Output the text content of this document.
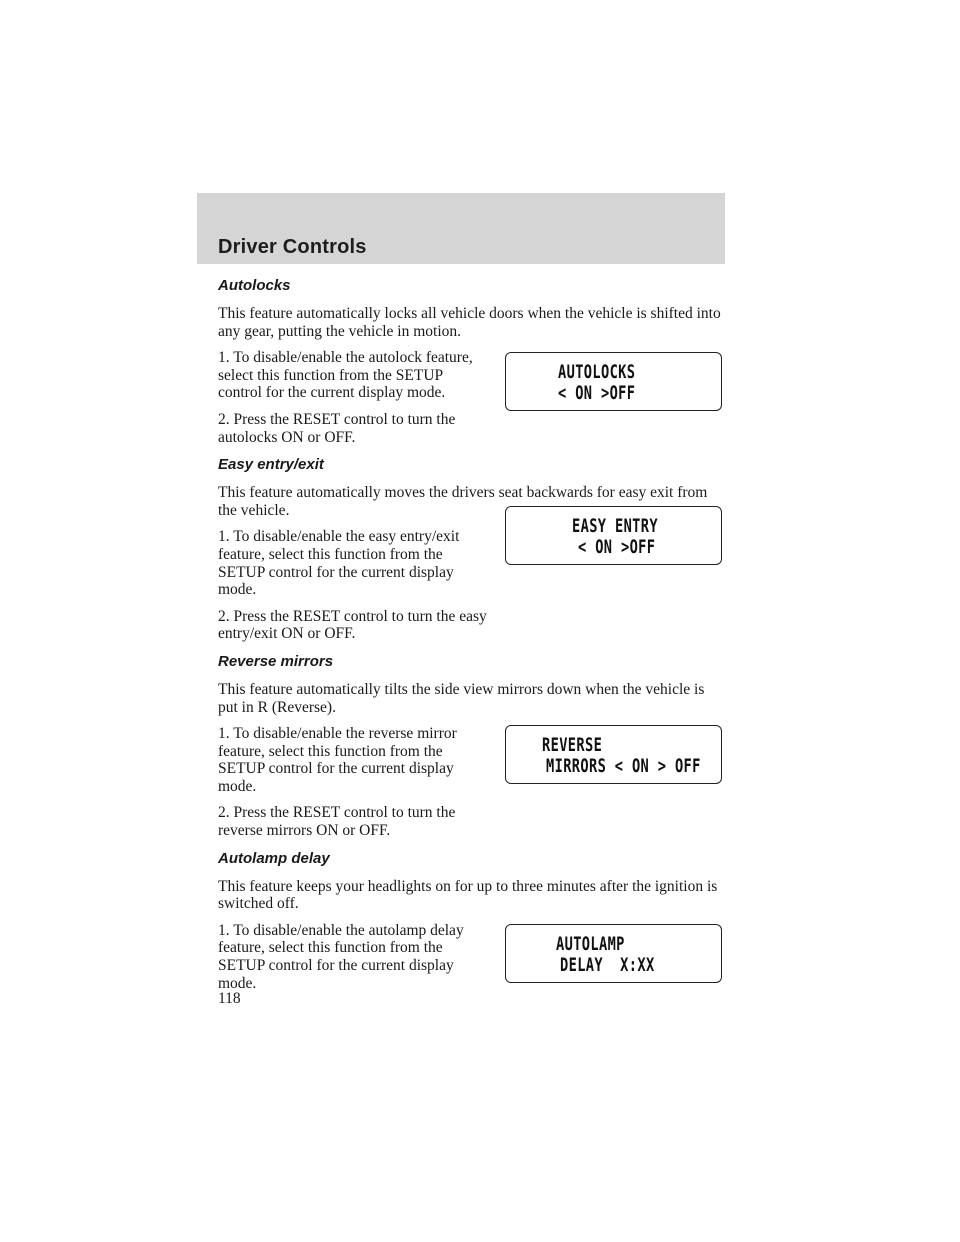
Driver Controls
Autolocks
This feature automatically locks all vehicle doors when the vehicle is shifted into any gear, putting the vehicle in motion.
1. To disable/enable the autolock feature, select this function from the SETUP control for the current display mode.
2. Press the RESET control to turn the autolocks ON or OFF.
AUTOLOCKS
< ON >OFF
Easy entry/exit
This feature automatically moves the drivers seat backwards for easy exit from the vehicle.
1. To disable/enable the easy entry/exit feature, select this function from the SETUP control for the current display mode.
2. Press the RESET control to turn the easy entry/exit ON or OFF.
EASY ENTRY
< ON >OFF
Reverse mirrors
This feature automatically tilts the side view mirrors down when the vehicle is put in R (Reverse).
1. To disable/enable the reverse mirror feature, select this function from the SETUP control for the current display mode.
2. Press the RESET control to turn the reverse mirrors ON or OFF.
REVERSE
MIRRORS < ON > OFF
Autolamp delay
This feature keeps your headlights on for up to three minutes after the ignition is switched off.
1. To disable/enable the autolamp delay feature, select this function from the SETUP control for the current display mode.
AUTOLAMP
DELAY  X:XX
118
